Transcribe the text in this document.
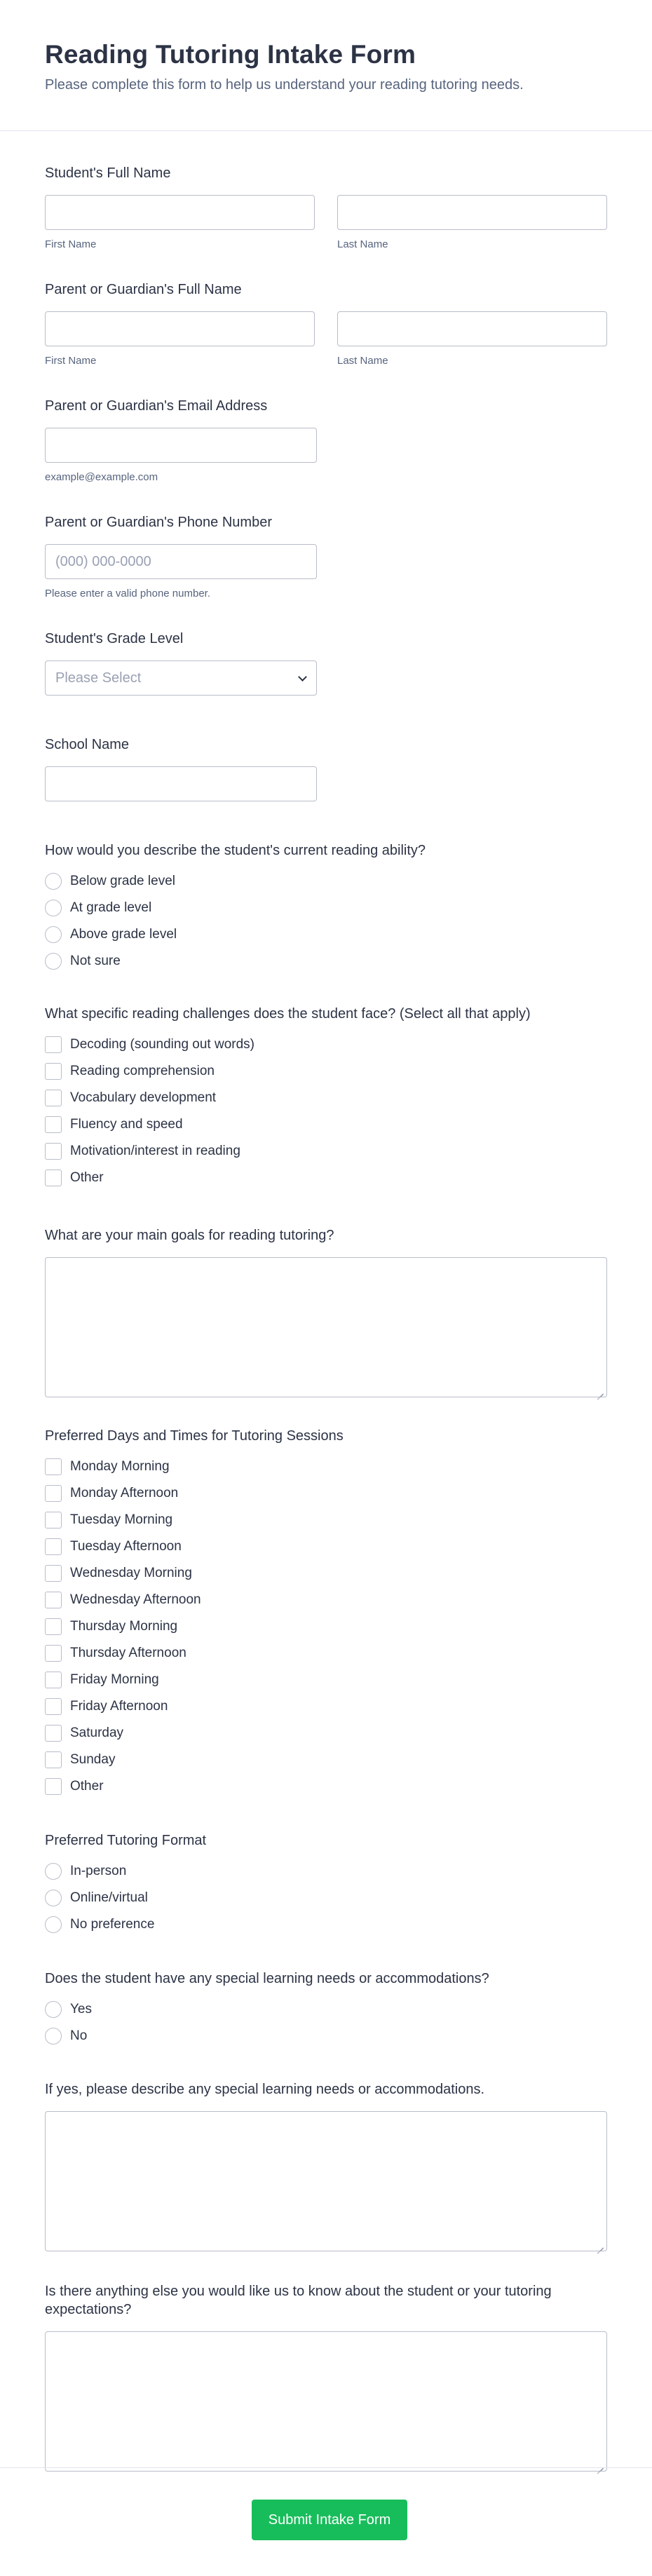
Reading Tutoring Intake Form

Please complete this form to help us understand your reading tutoring needs.

Student's Full Name
First Name	Last Name
Parent or Guardian's Full Name
First Name	Last Name
Parent or Guardian's Email Address
example@example.com
Parent or Guardian's Phone Number
(000) 000-0000
Please enter a valid phone number.
Student's Grade Level
Please Select
School Name
How would you describe the student's current reading ability?
Below grade level
At grade level
Above grade level
Not sure
What specific reading challenges does the student face? (Select all that apply)
Decoding (sounding out words)
Reading comprehension
Vocabulary development
Fluency and speed
Motivation/interest in reading
Other
What are your main goals for reading tutoring?
Preferred Days and Times for Tutoring Sessions
Monday Morning
Monday Afternoon
Tuesday Morning
Tuesday Afternoon
Wednesday Morning
Wednesday Afternoon
Thursday Morning
Thursday Afternoon
Friday Morning
Friday Afternoon
Saturday
Sunday
Other
Preferred Tutoring Format
In-person
Online/virtual
No preference
Does the student have any special learning needs or accommodations?
Yes
No
If yes, please describe any special learning needs or accommodations.
Is there anything else you would like us to know about the student or your tutoring expectations?
Submit Intake Form
